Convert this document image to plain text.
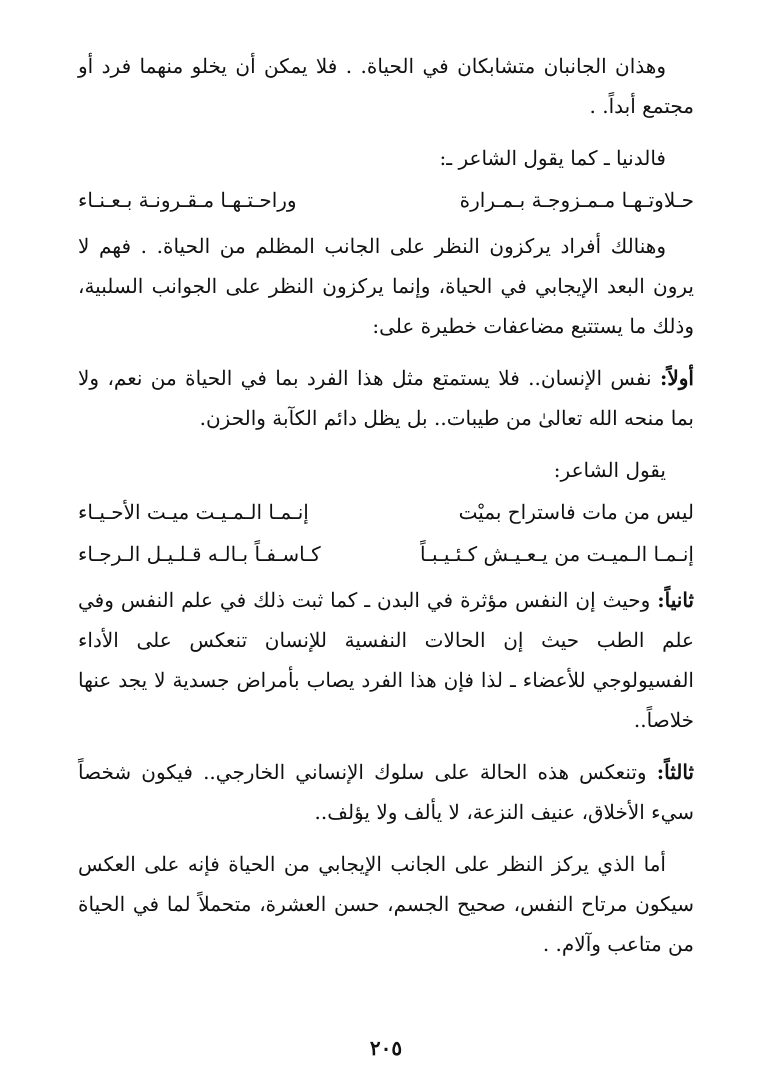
وهذان الجانبان متشابكان في الحياة. . فلا يمكن أن يخلو منهما فرد أو مجتمع أبداً. .

فالدنيا ـ كما يقول الشاعر ـ:

حـلاوتـهـا مـمـزوجـة بـمـرارة
وراحـتـهـا مـقـرونـة بـعـنـاء

وهنالك أفراد يركزون النظر على الجانب المظلم من الحياة. . فهم لا يرون البعد الإيجابي في الحياة، وإنما يركزون النظر على الجوانب السلبية، وذلك ما يستتبع مضاعفات خطيرة على:

أولاً: نفس الإنسان.. فلا يستمتع مثل هذا الفرد بما في الحياة من نعم، ولا بما منحه الله تعالىٰ من طيبات.. بل يظل دائم الكآبة والحزن.

يقول الشاعر:

ليس من مات فاستراح بميْت
إنـمـا الـمـيـت ميـت الأحـيـاء
إنـمـا الـميـت من يـعـيـش كـئـيـبـاً
كـاسـفـاً بـالـه قـلـيـل الـرجـاء

ثانياً: وحيث إن النفس مؤثرة في البدن ـ كما ثبت ذلك في علم النفس وفي علم الطب حيث إن الحالات النفسية للإنسان تنعكس على الأداء الفسيولوجي للأعضاء ـ لذا فإن هذا الفرد يصاب بأمراض جسدية لا يجد عنها خلاصاً..

ثالثاً: وتنعكس هذه الحالة على سلوك الإنساني الخارجي.. فيكون شخصاً سيء الأخلاق، عنيف النزعة، لا يألف ولا يؤلف..

أما الذي يركز النظر على الجانب الإيجابي من الحياة فإنه على العكس سيكون مرتاح النفس، صحيح الجسم، حسن العشرة، متحملاً لما في الحياة من متاعب وآلام. .

٢٠٥
